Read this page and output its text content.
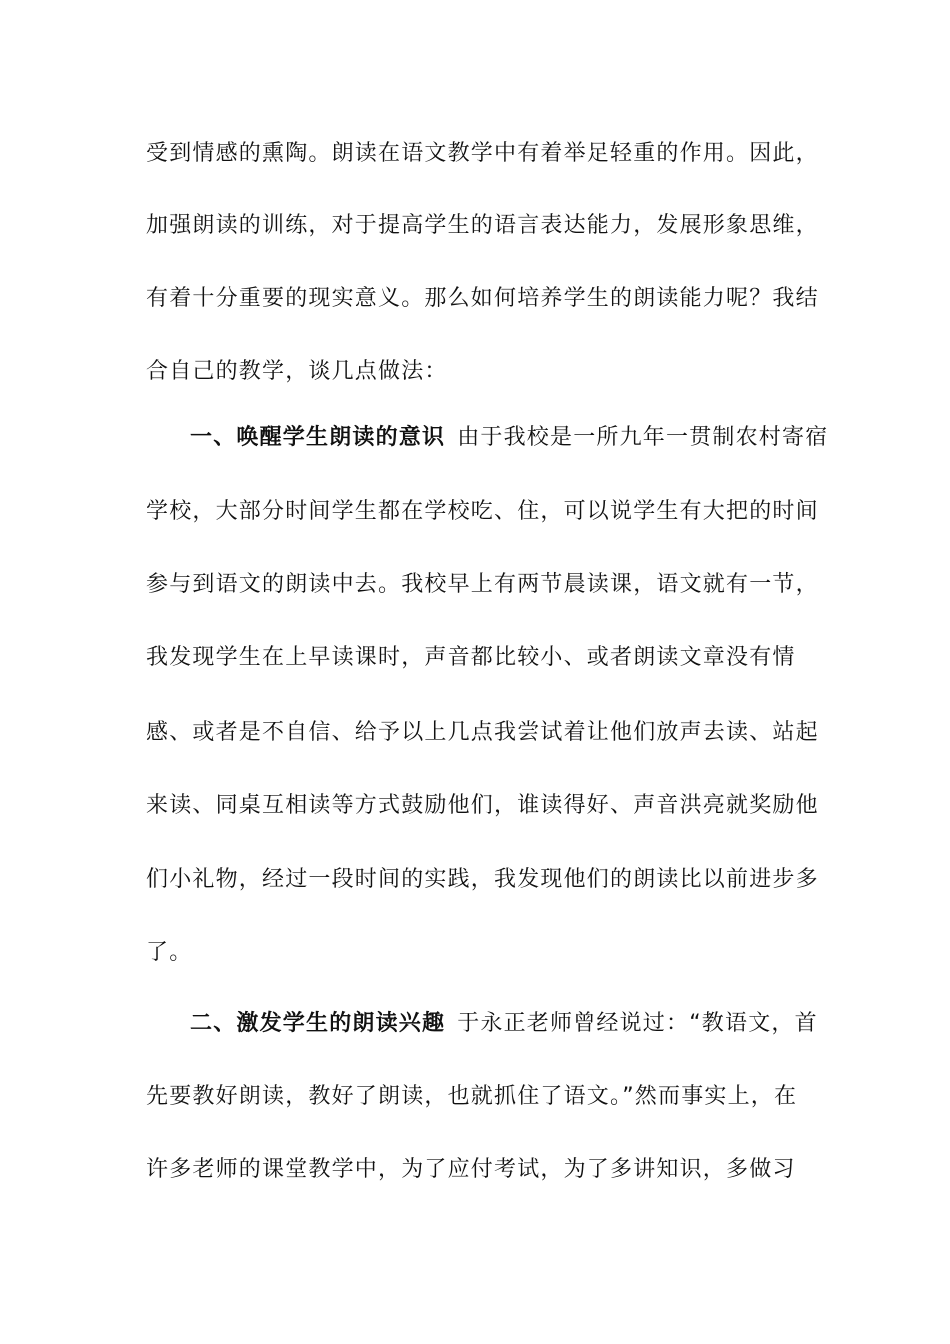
受到情感的熏陶。朗读在语文教学中有着举足轻重的作用。因此，
加强朗读的训练，对于提高学生的语言表达能力，发展形象思维，
有着十分重要的现实意义。那么如何培养学生的朗读能力呢？我结
合自己的教学，谈几点做法：
一、唤醒学生朗读的意识 由于我校是一所九年一贯制农村寄宿
学校，大部分时间学生都在学校吃、住，可以说学生有大把的时间
参与到语文的朗读中去。我校早上有两节晨读课，语文就有一节，
我发现学生在上早读课时，声音都比较小、或者朗读文章没有情
感、或者是不自信、给予以上几点我尝试着让他们放声去读、站起
来读、同桌互相读等方式鼓励他们，谁读得好、声音洪亮就奖励他
们小礼物，经过一段时间的实践，我发现他们的朗读比以前进步多
了。
二、激发学生的朗读兴趣 于永正老师曾经说过：“教语文，首
先要教好朗读，教好了朗读，也就抓住了语文。”然而事实上，在
许多老师的课堂教学中，为了应付考试，为了多讲知识，多做习
